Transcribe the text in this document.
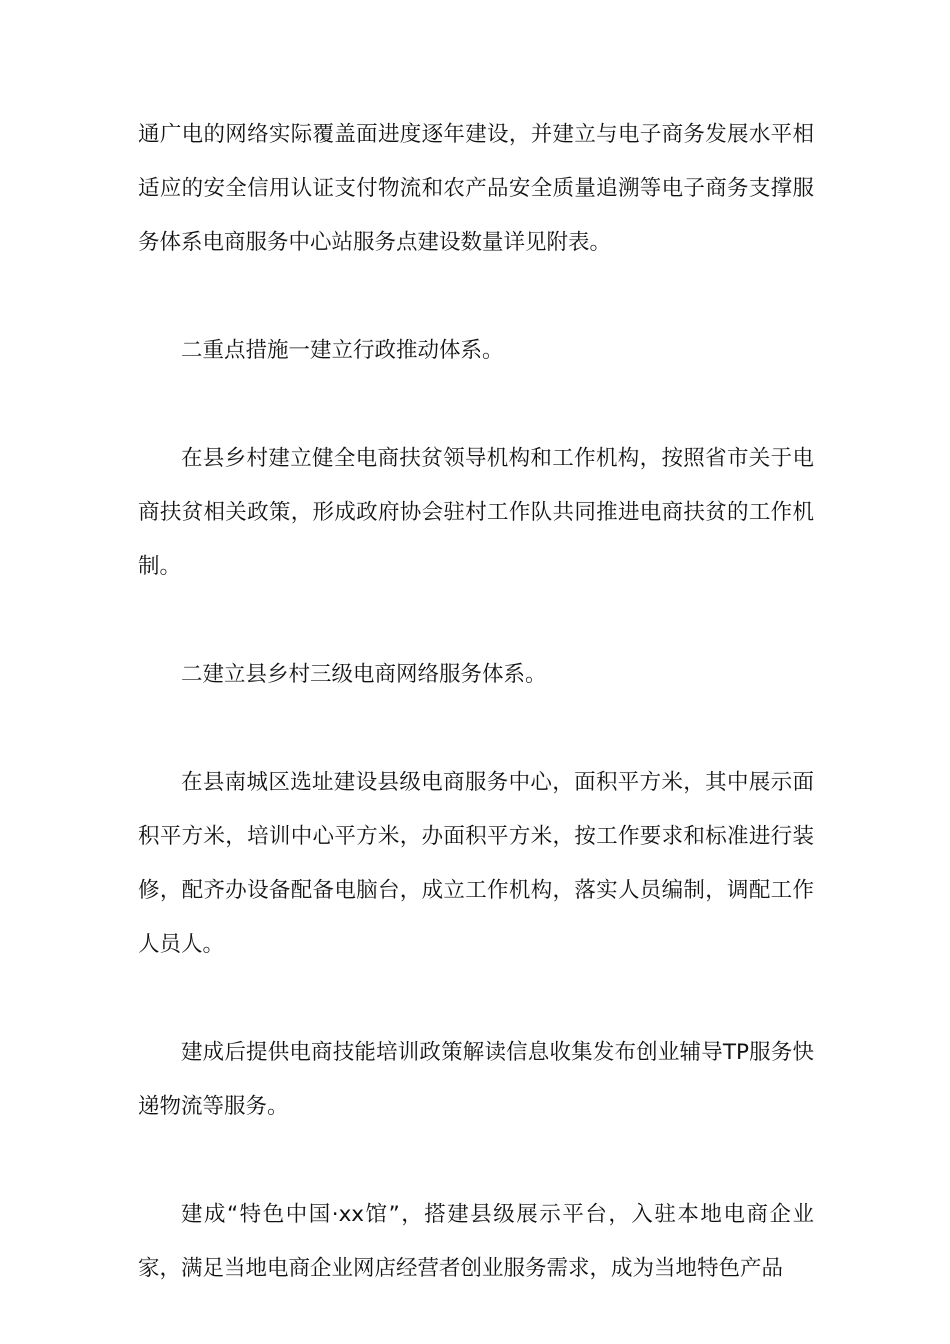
通广电的网络实际覆盖面进度逐年建设，并建立与电子商务发展水平相适应的安全信用认证支付物流和农产品安全质量追溯等电子商务支撑服务体系电商服务中心站服务点建设数量详见附表。

二重点措施一建立行政推动体系。

在县乡村建立健全电商扶贫领导机构和工作机构，按照省市关于电商扶贫相关政策，形成政府协会驻村工作队共同推进电商扶贫的工作机制。

二建立县乡村三级电商网络服务体系。

在县南城区选址建设县级电商服务中心，面积平方米，其中展示面积平方米，培训中心平方米，办面积平方米，按工作要求和标准进行装修，配齐办设备配备电脑台，成立工作机构，落实人员编制，调配工作人员人。

建成后提供电商技能培训政策解读信息收集发布创业辅导TP服务快递物流等服务。

建成“特色中国·xx馆”，搭建县级展示平台，入驻本地电商企业家，满足当地电商企业网店经营者创业服务需求，成为当地特色产品
